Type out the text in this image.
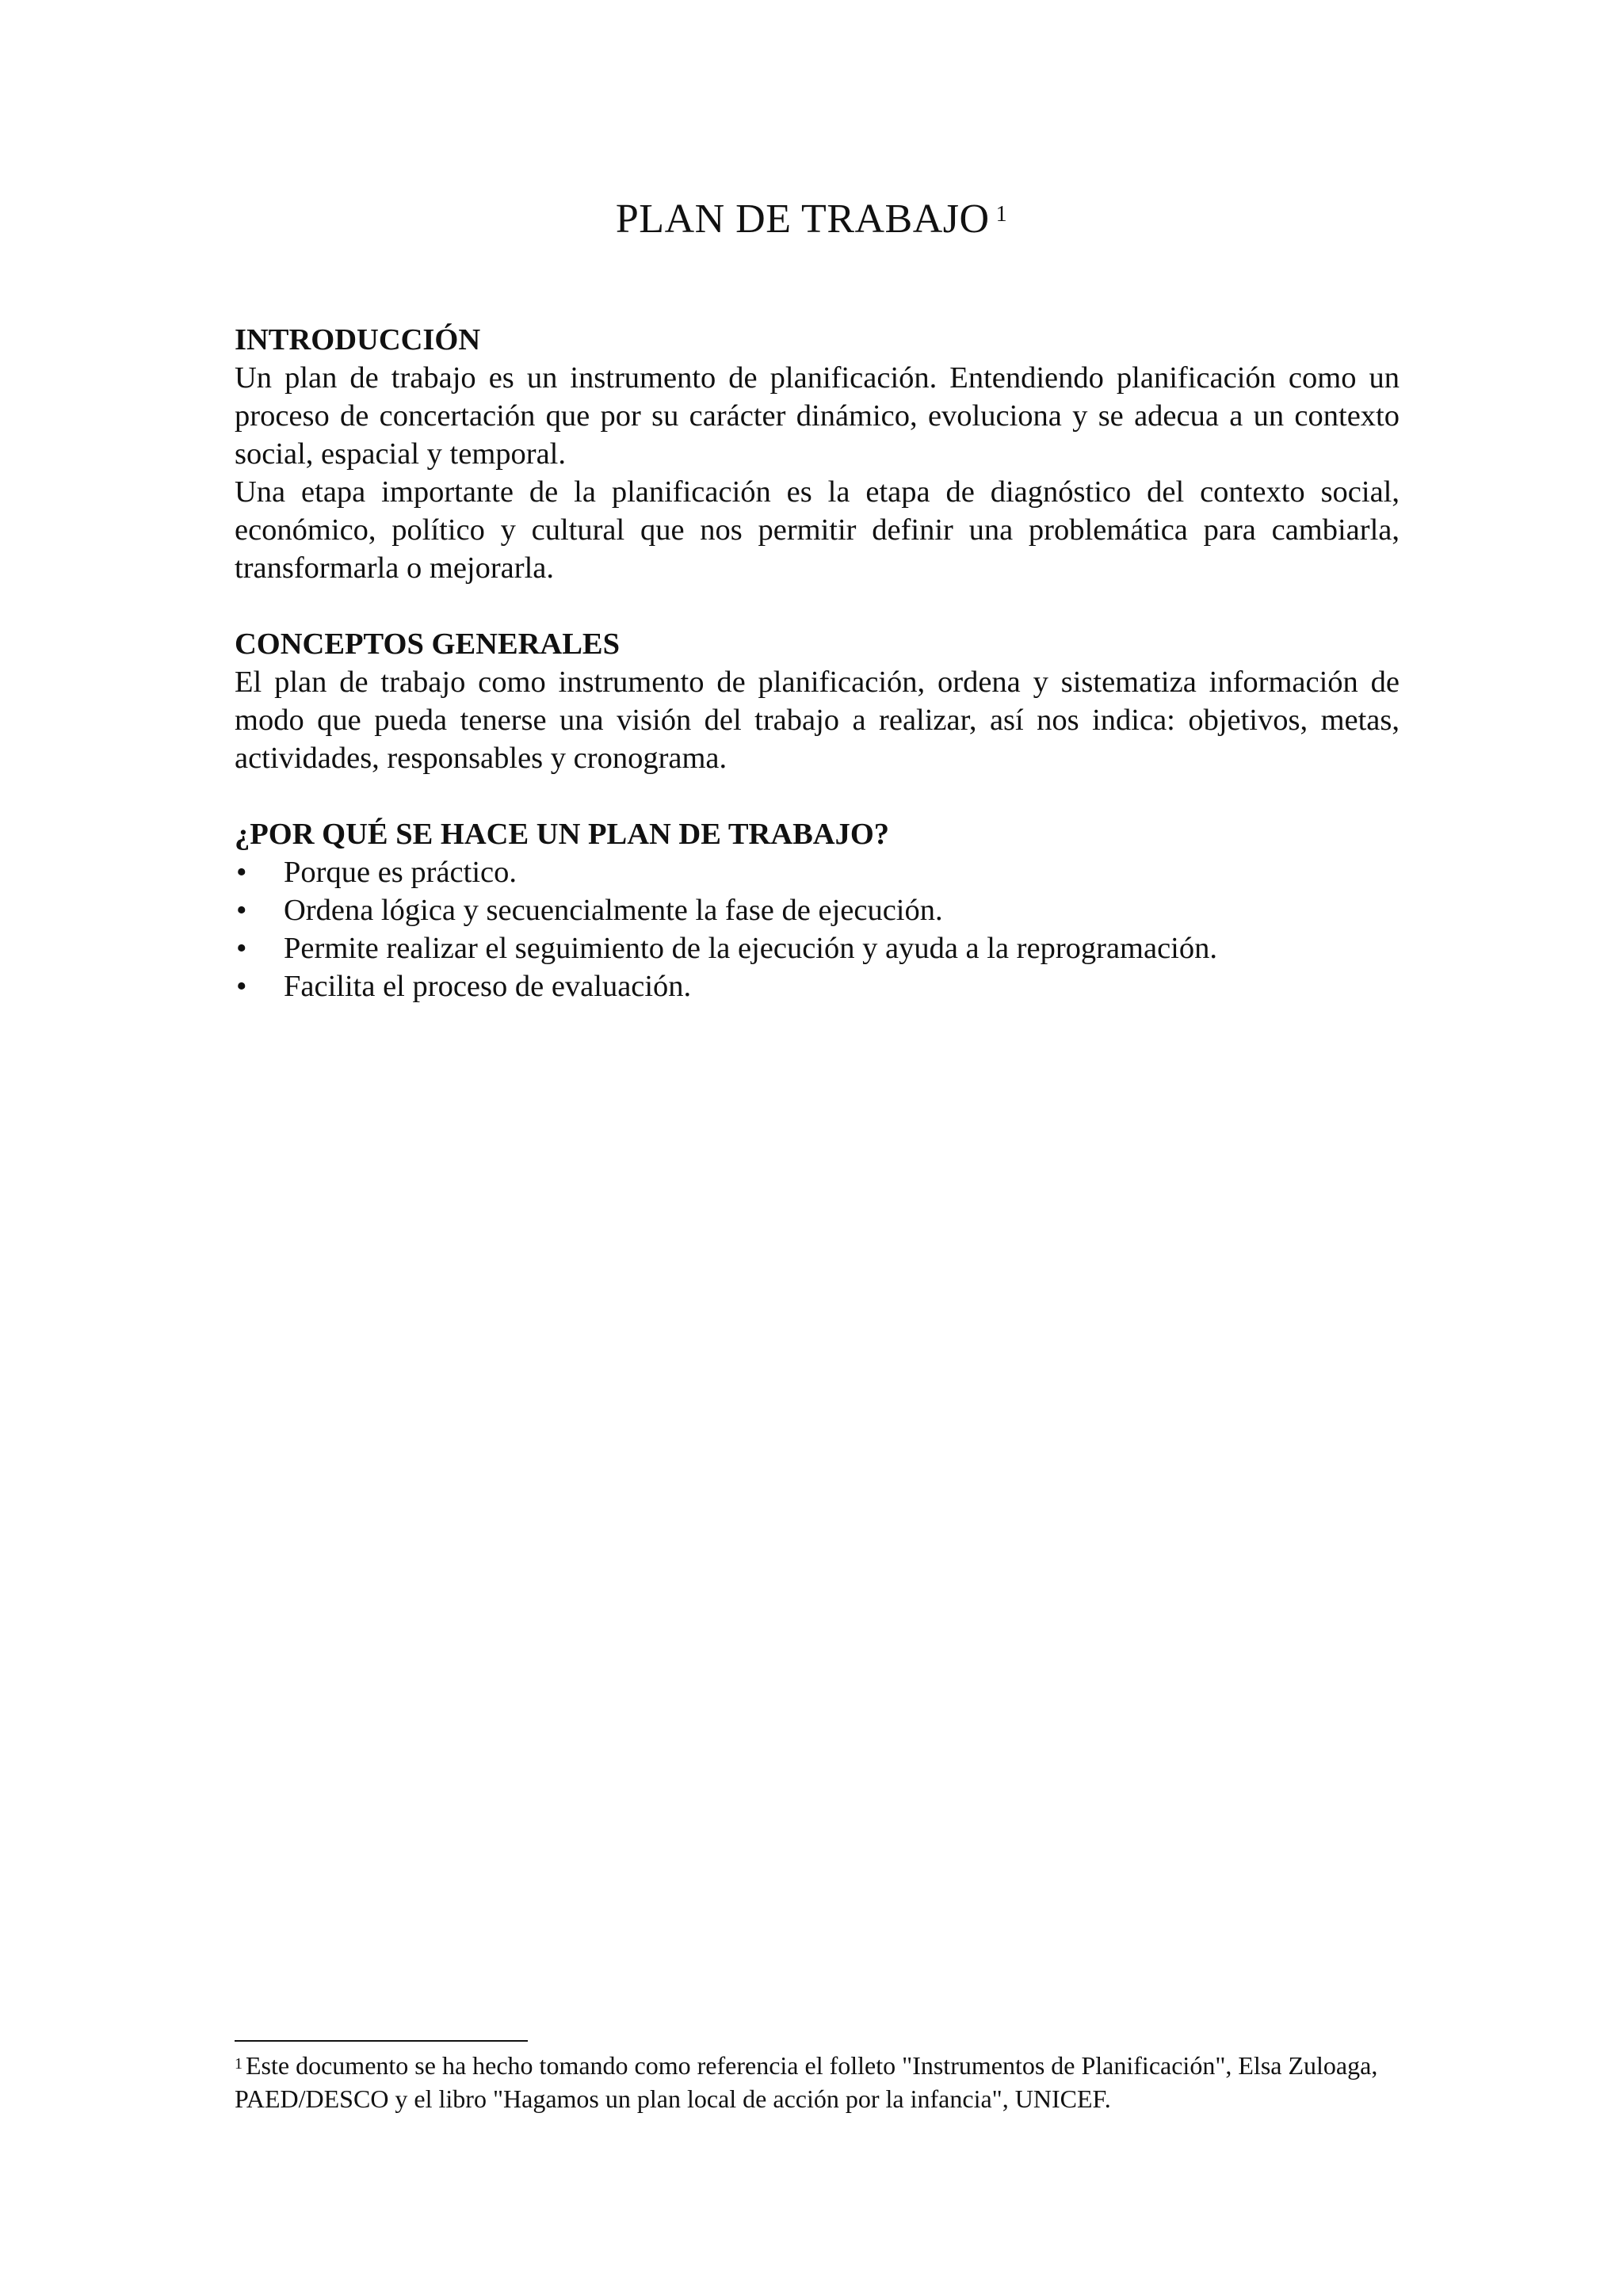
PLAN DE TRABAJO $^1$

INTRODUCCIÓN

Un plan de trabajo es un instrumento de planificación. Entendiendo planificación como un proceso de concertación que por su carácter dinámico, evoluciona y se adecua a un contexto social, espacial y temporal.

Una etapa importante de la planificación es la etapa de diagnóstico del contexto social, económico, político y cultural que nos permitir definir una problemática para cambiarla, transformarla o mejorarla.

CONCEPTOS GENERALES

El plan de trabajo como instrumento de planificación, ordena y sistematiza información de modo que pueda tenerse una visión del trabajo a realizar, así nos indica: objetivos, metas, actividades, responsables y cronograma.

¿POR QUÉ SE HACE UN PLAN DE TRABAJO?

• Porque es práctico.
• Ordena lógica y secuencialmente la fase de ejecución.
• Permite realizar el seguimiento de la ejecución y ayuda a la reprogramación.
• Facilita el proceso de evaluación.

$^1$ Este documento se ha hecho tomando como referencia el folleto "Instrumentos de Planificación", Elsa Zuloaga, PAED/DESCO y el libro "Hagamos un plan local de acción por la infancia", UNICEF.
